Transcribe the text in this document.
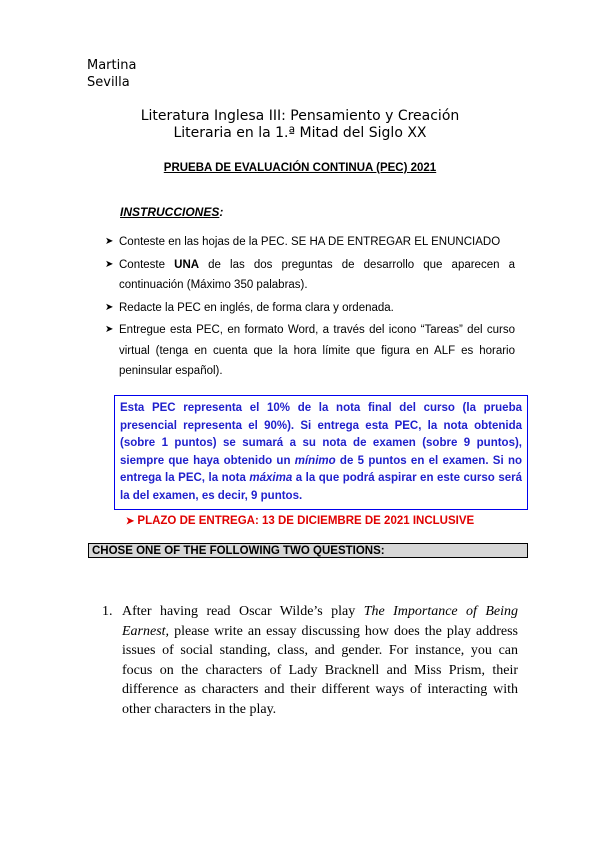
Martina
Sevilla
Literatura Inglesa III: Pensamiento y Creación
Literaria en la 1.ª Mitad del Siglo XX
PRUEBA DE EVALUACIÓN CONTINUA (PEC) 2021
INSTRUCCIONES:
➤ Conteste en las hojas de la PEC. SE HA DE ENTREGAR EL ENUNCIADO
➤ Conteste UNA de las dos preguntas de desarrollo que aparecen a continuación (Máximo 350 palabras).
➤ Redacte la PEC en inglés, de forma clara y ordenada.
➤ Entregue esta PEC, en formato Word, a través del icono “Tareas” del curso virtual (tenga en cuenta que la hora límite que figura en ALF es horario peninsular español).
Esta PEC representa el 10% de la nota final del curso (la prueba presencial representa el 90%). Si entrega esta PEC, la nota obtenida (sobre 1 puntos) se sumará a su nota de examen (sobre 9 puntos), siempre que haya obtenido un mínimo de 5 puntos en el examen. Si no entrega la PEC, la nota máxima a la que podrá aspirar en este curso será la del examen, es decir, 9 puntos.
➤ PLAZO DE ENTREGA: 13 DE DICIEMBRE DE 2021 INCLUSIVE
CHOSE ONE OF THE FOLLOWING TWO QUESTIONS:
1. After having read Oscar Wilde’s play The Importance of Being Earnest, please write an essay discussing how does the play address issues of social standing, class, and gender. For instance, you can focus on the characters of Lady Bracknell and Miss Prism, their difference as characters and their different ways of interacting with other characters in the play.
